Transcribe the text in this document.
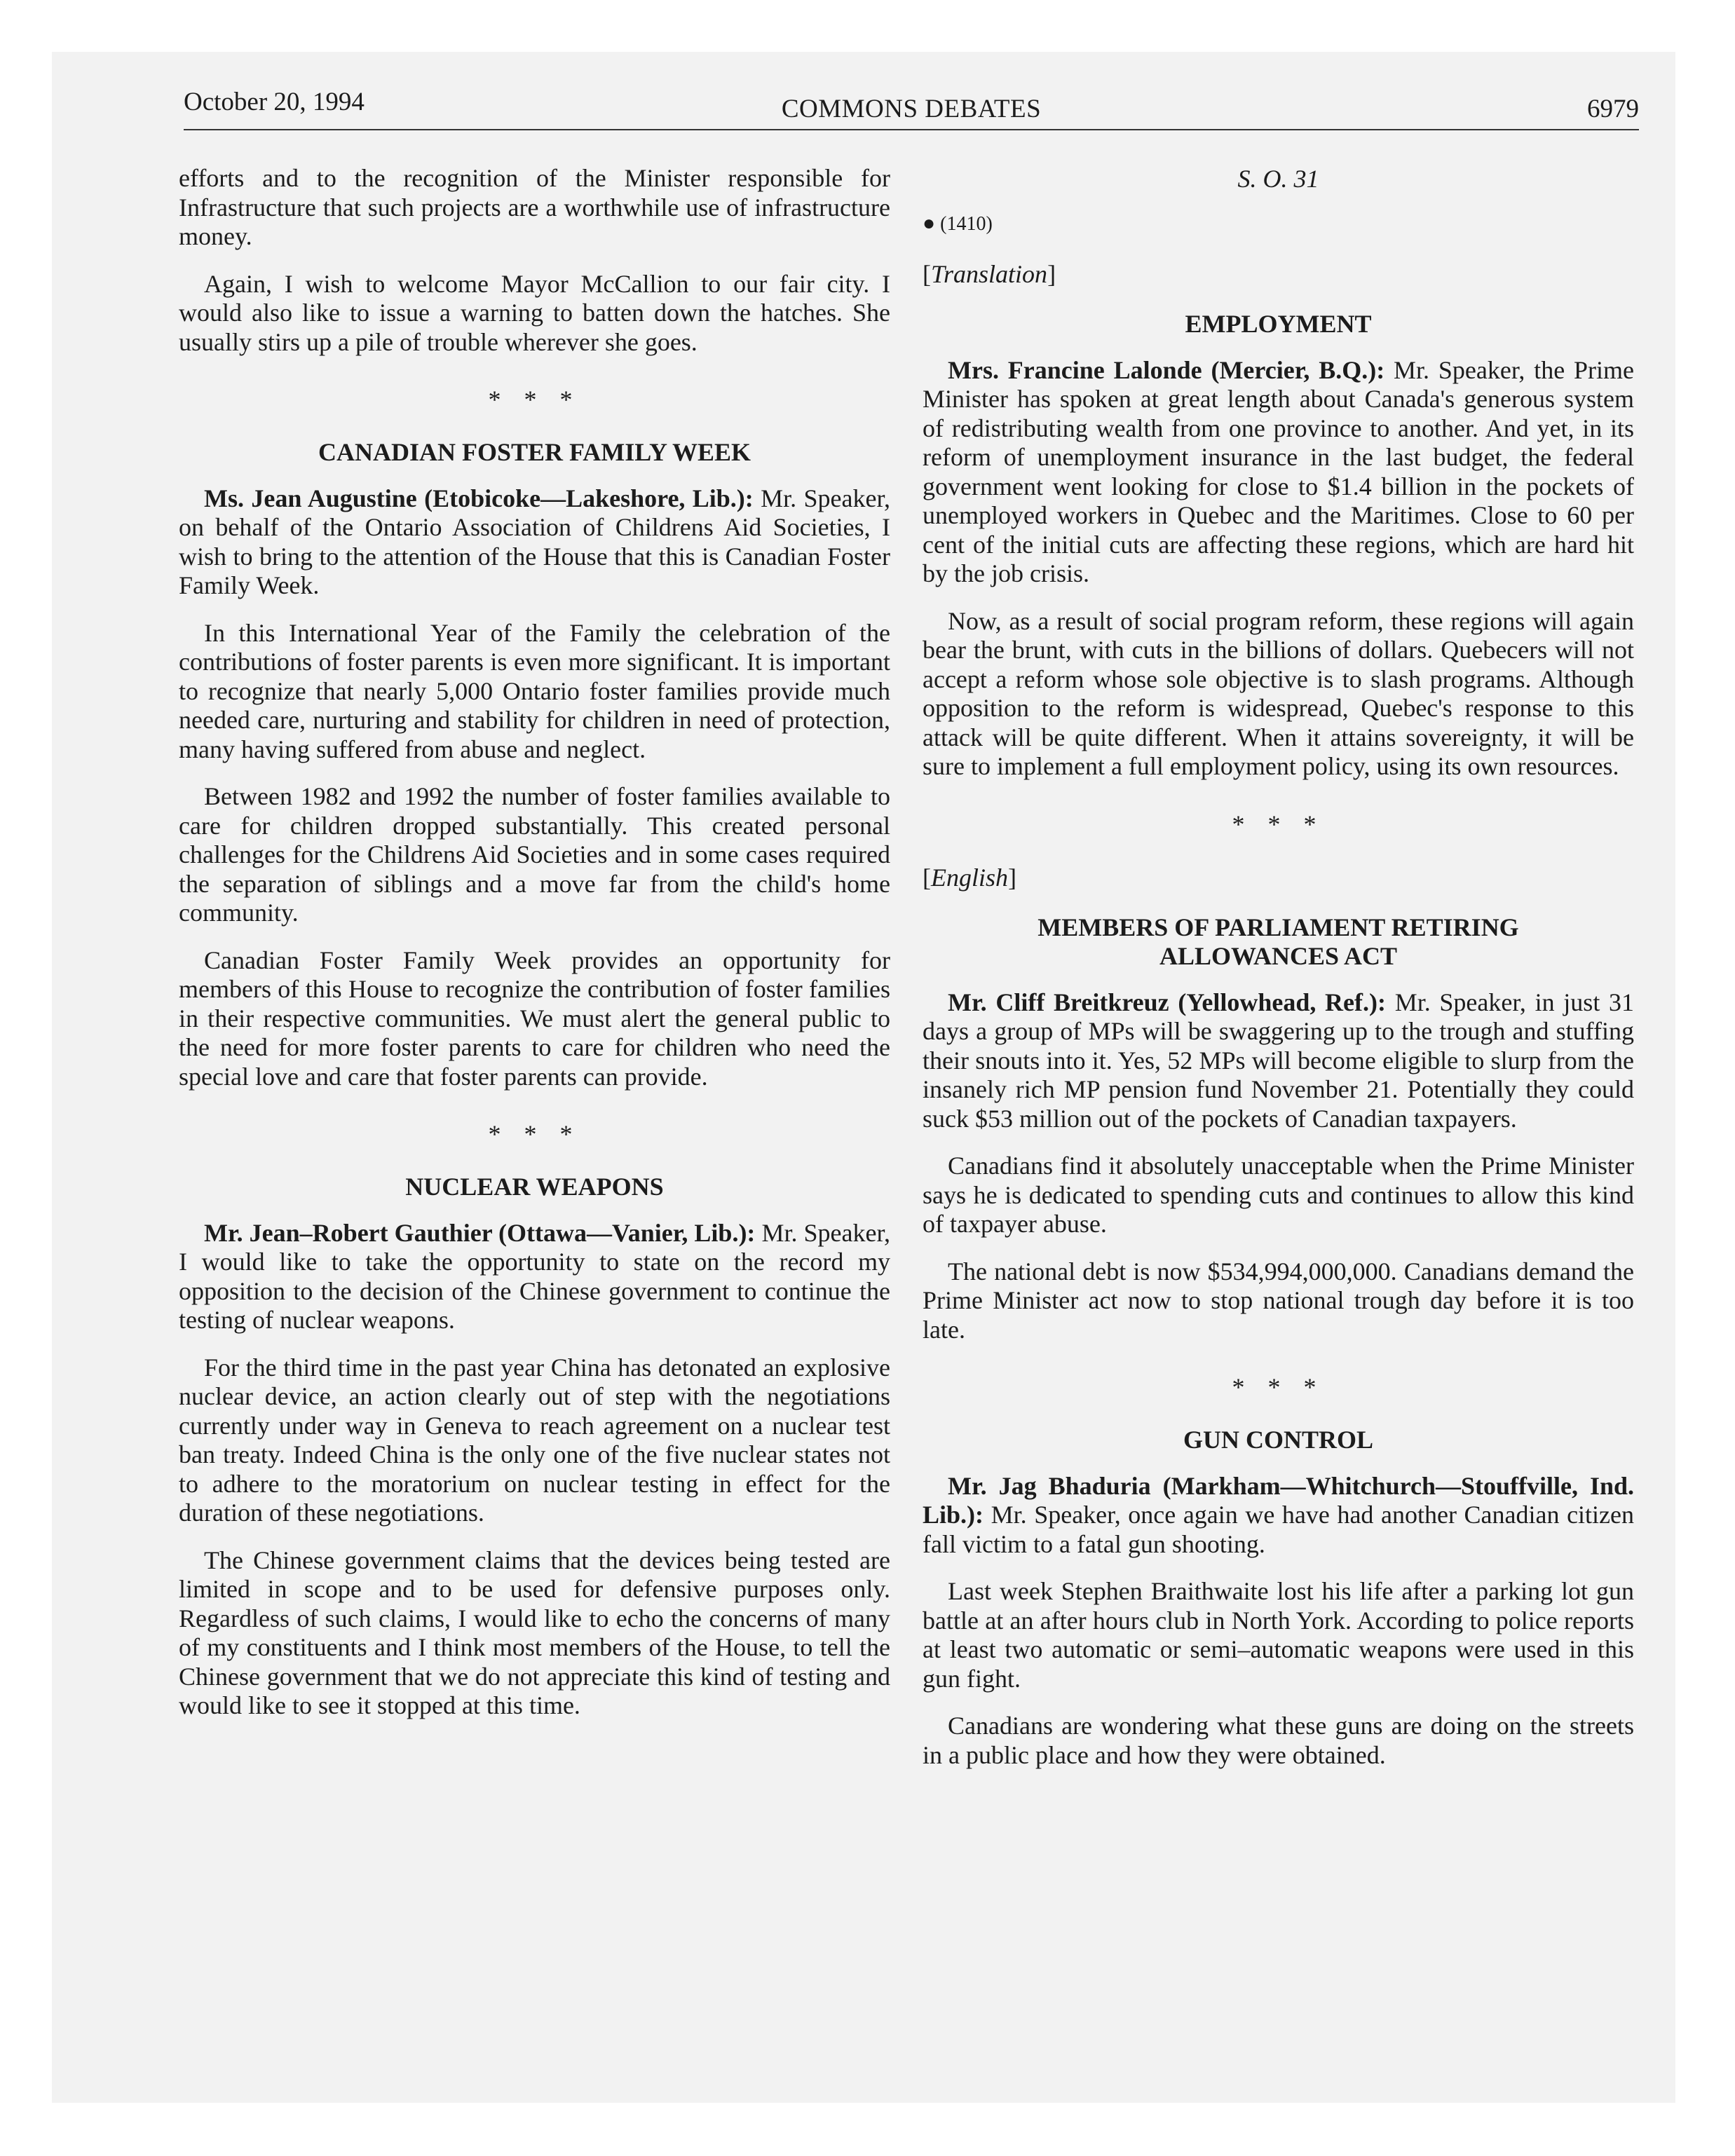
October 20, 1994	COMMONS DEBATES	6979

efforts and to the recognition of the Minister responsible for Infrastructure that such projects are a worthwhile use of infrastructure money.

Again, I wish to welcome Mayor McCallion to our fair city. I would also like to issue a warning to batten down the hatches. She usually stirs up a pile of trouble wherever she goes.

* * *
CANADIAN FOSTER FAMILY WEEK

Ms. Jean Augustine (Etobicoke—Lakeshore, Lib.): Mr. Speaker, on behalf of the Ontario Association of Childrens Aid Societies, I wish to bring to the attention of the House that this is Canadian Foster Family Week.

In this International Year of the Family the celebration of the contributions of foster parents is even more significant. It is important to recognize that nearly 5,000 Ontario foster families provide much needed care, nurturing and stability for children in need of protection, many having suffered from abuse and neglect.

Between 1982 and 1992 the number of foster families available to care for children dropped substantially. This created personal challenges for the Childrens Aid Societies and in some cases required the separation of siblings and a move far from the child's home community.

Canadian Foster Family Week provides an opportunity for members of this House to recognize the contribution of foster families in their respective communities. We must alert the general public to the need for more foster parents to care for children who need the special love and care that foster parents can provide.

* * *
NUCLEAR WEAPONS

Mr. Jean–Robert Gauthier (Ottawa—Vanier, Lib.): Mr. Speaker, I would like to take the opportunity to state on the record my opposition to the decision of the Chinese government to continue the testing of nuclear weapons.

For the third time in the past year China has detonated an explosive nuclear device, an action clearly out of step with the negotiations currently under way in Geneva to reach agreement on a nuclear test ban treaty. Indeed China is the only one of the five nuclear states not to adhere to the moratorium on nuclear testing in effect for the duration of these negotiations.

The Chinese government claims that the devices being tested are limited in scope and to be used for defensive purposes only. Regardless of such claims, I would like to echo the concerns of many of my constituents and I think most members of the House, to tell the Chinese government that we do not appreciate this kind of testing and would like to see it stopped at this time.

S. O. 31
● (1410)
[Translation]
EMPLOYMENT

Mrs. Francine Lalonde (Mercier, B.Q.): Mr. Speaker, the Prime Minister has spoken at great length about Canada's generous system of redistributing wealth from one province to another. And yet, in its reform of unemployment insurance in the last budget, the federal government went looking for close to $1.4 billion in the pockets of unemployed workers in Quebec and the Maritimes. Close to 60 per cent of the initial cuts are affecting these regions, which are hard hit by the job crisis.

Now, as a result of social program reform, these regions will again bear the brunt, with cuts in the billions of dollars. Quebecers will not accept a reform whose sole objective is to slash programs. Although opposition to the reform is widespread, Quebec's response to this attack will be quite different. When it attains sovereignty, it will be sure to implement a full employment policy, using its own resources.

* * *
[English]
MEMBERS OF PARLIAMENT RETIRING
ALLOWANCES ACT

Mr. Cliff Breitkreuz (Yellowhead, Ref.): Mr. Speaker, in just 31 days a group of MPs will be swaggering up to the trough and stuffing their snouts into it. Yes, 52 MPs will become eligible to slurp from the insanely rich MP pension fund November 21. Potentially they could suck $53 million out of the pockets of Canadian taxpayers.

Canadians find it absolutely unacceptable when the Prime Minister says he is dedicated to spending cuts and continues to allow this kind of taxpayer abuse.

The national debt is now $534,994,000,000. Canadians demand the Prime Minister act now to stop national trough day before it is too late.

* * *
GUN CONTROL

Mr. Jag Bhaduria (Markham—Whitchurch—Stouffville, Ind. Lib.): Mr. Speaker, once again we have had another Canadian citizen fall victim to a fatal gun shooting.

Last week Stephen Braithwaite lost his life after a parking lot gun battle at an after hours club in North York. According to police reports at least two automatic or semi–automatic weapons were used in this gun fight.

Canadians are wondering what these guns are doing on the streets in a public place and how they were obtained.
